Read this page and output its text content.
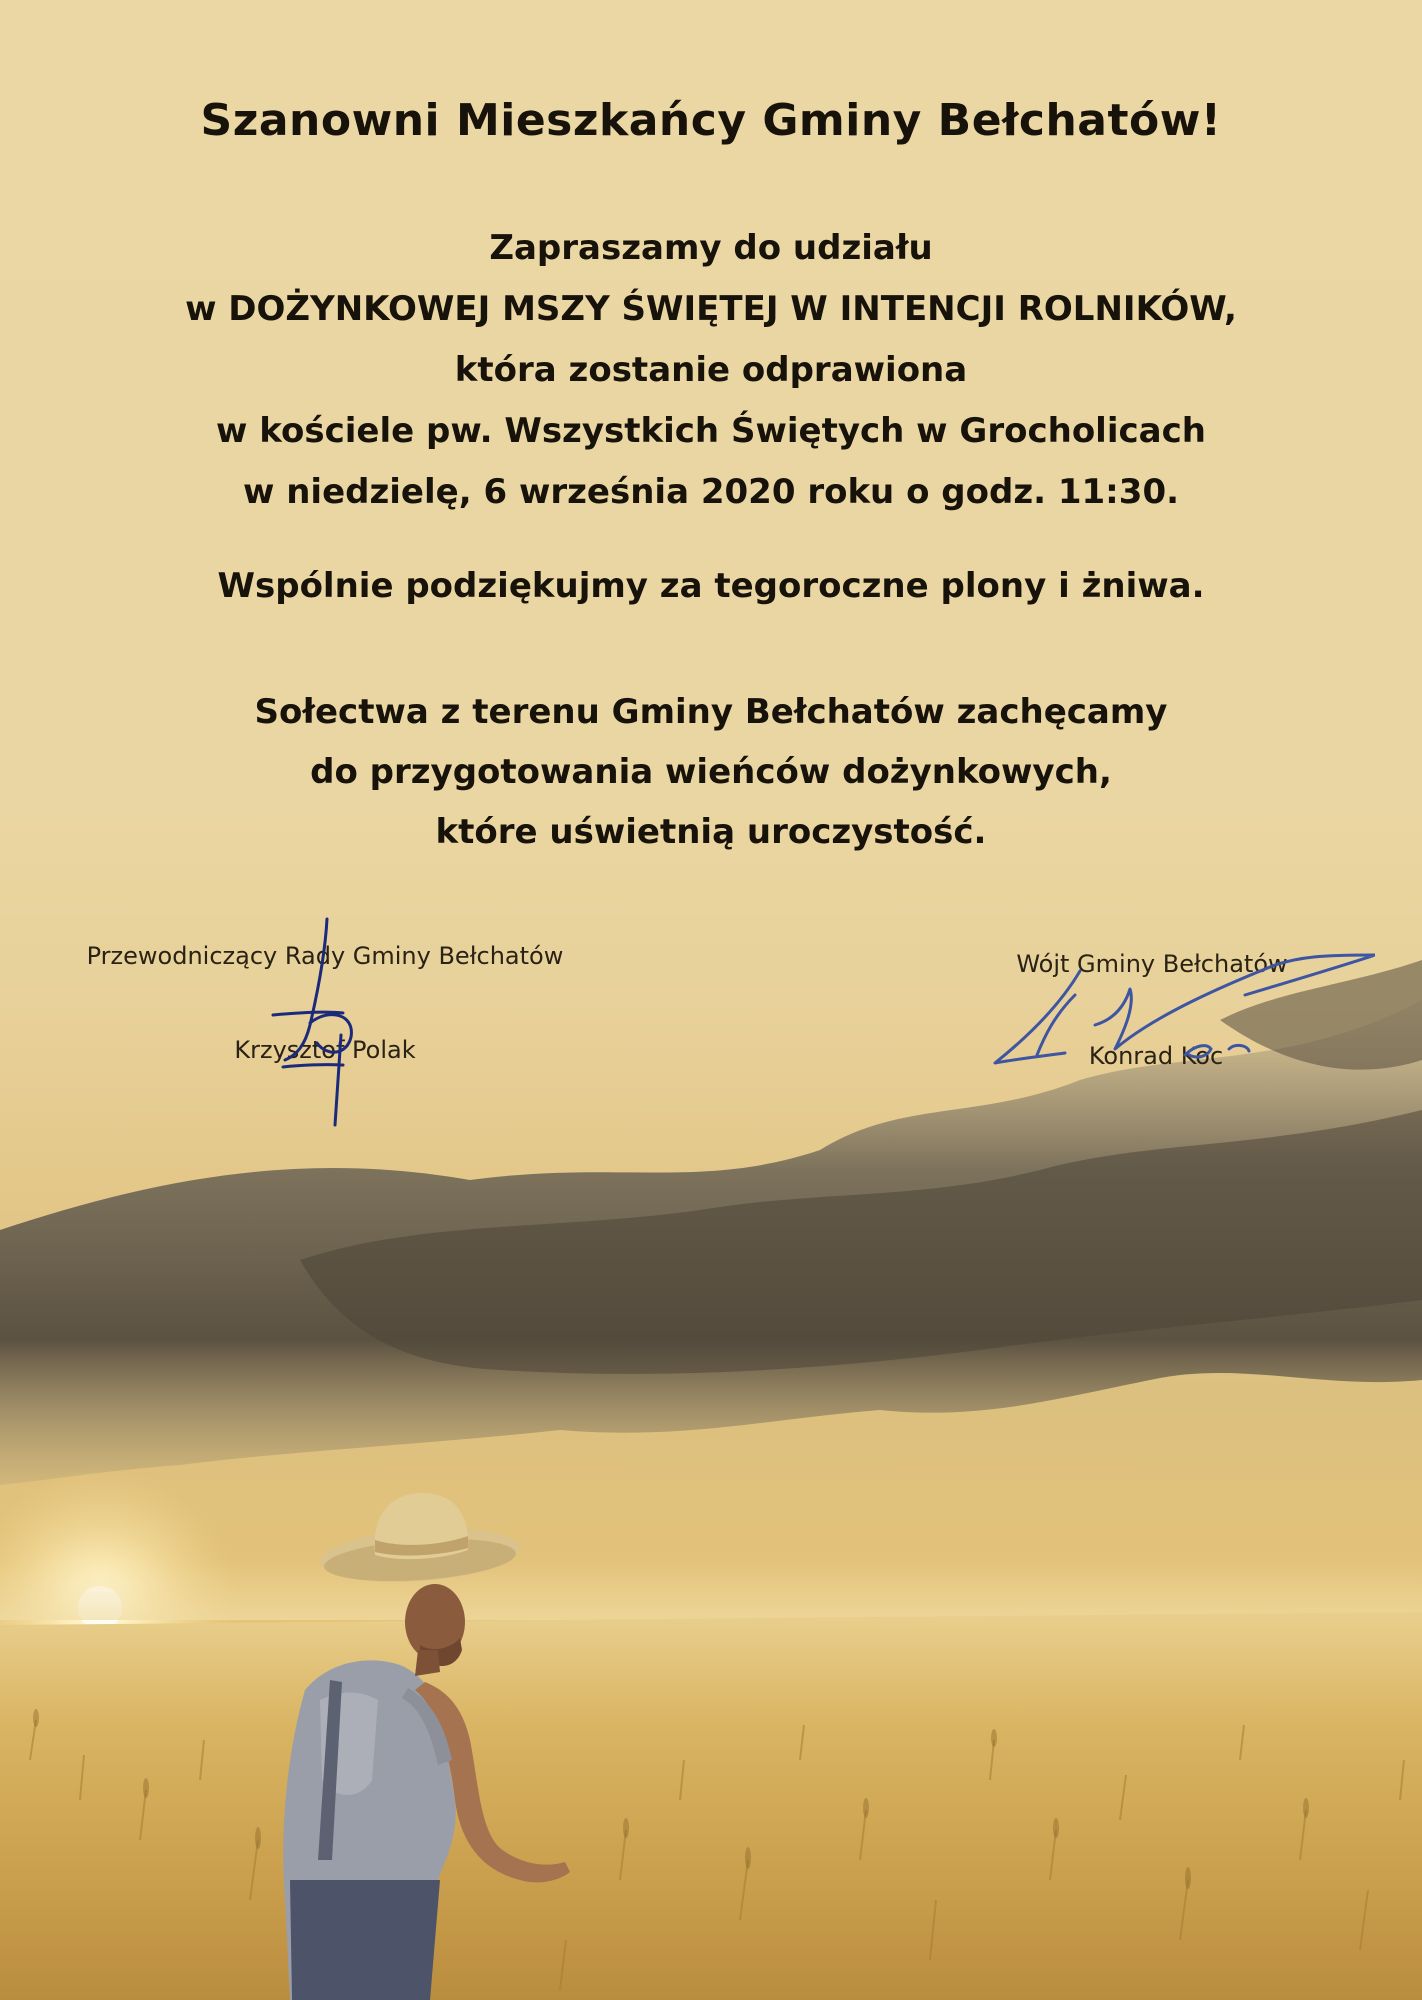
Szanowni Mieszkańcy Gminy Bełchatów!
Zapraszamy do udziału
w DOŻYNKOWEJ MSZY ŚWIĘTEJ W INTENCJI ROLNIKÓW,
która zostanie odprawiona
w kościele pw. Wszystkich Świętych w Grocholicach
w niedzielę, 6 września 2020 roku o godz. 11:30.
Wspólnie podziękujmy za tegoroczne plony i żniwa.
Sołectwa z terenu Gminy Bełchatów zachęcamy
do przygotowania wieńców dożynkowych,
które uświetnią uroczystość.
Przewodniczący Rady Gminy Bełchatów
Krzysztof Polak
Wójt Gminy Bełchatów
Konrad Koc
